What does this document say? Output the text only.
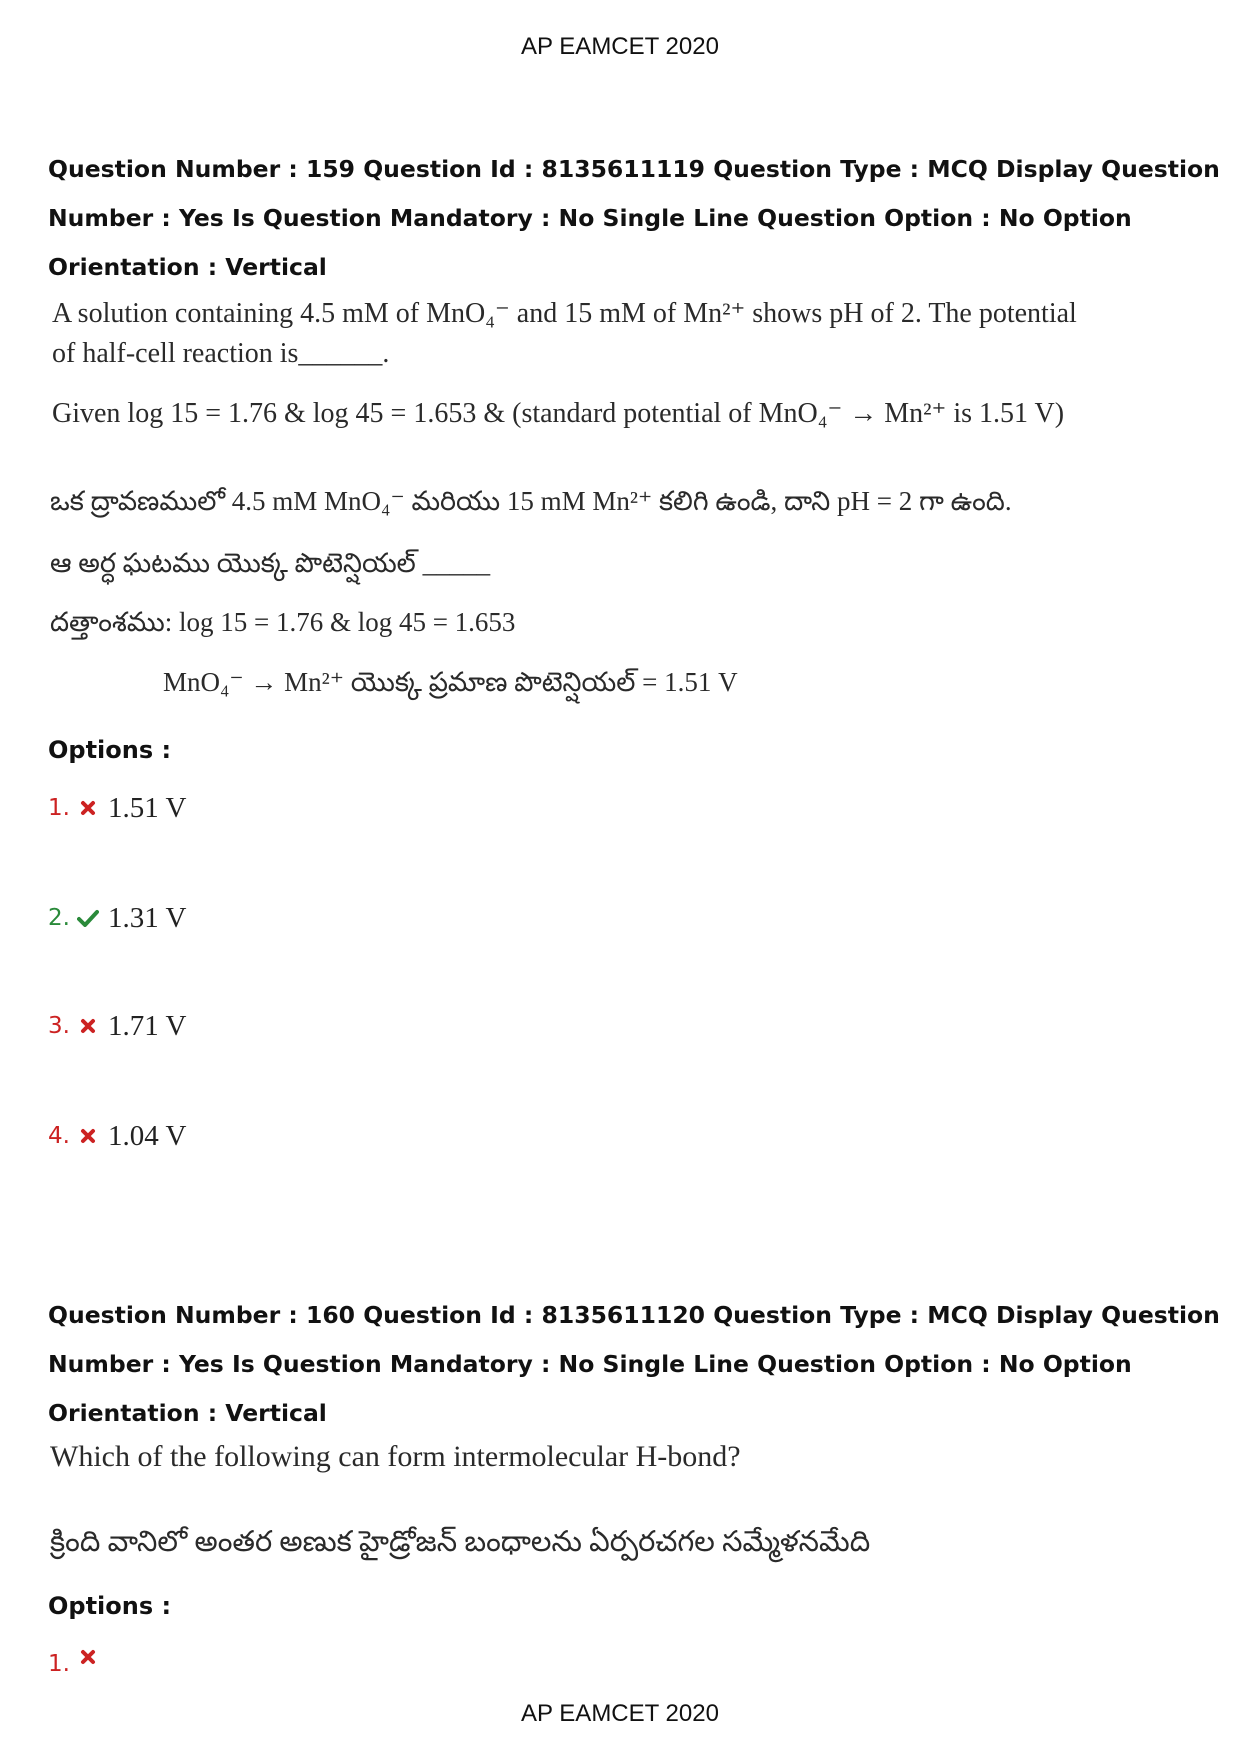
AP EAMCET 2020
Question Number : 159 Question Id : 8135611119 Question Type : MCQ Display Question
Number : Yes Is Question Mandatory : No Single Line Question Option : No Option
Orientation : Vertical
A solution containing 4.5 mM of MnO₄⁻ and 15 mM of Mn²⁺ shows pH of 2. The potential
of half-cell reaction is______.
Given log 15 = 1.76 & log 45 = 1.653 & (standard potential of MnO₄⁻ → Mn²⁺ is 1.51 V)
ఒక ద్రావణములో 4.5 mM MnO₄⁻ మరియు 15 mM Mn²⁺ కలిగి ఉండి, దాని pH = 2 గా ఉంది.
ఆ అర్ధ ఘటము యొక్క పొటెన్షియల్ _____
దత్తాంశము: log 15 = 1.76 & log 45 = 1.653
MnO₄⁻ → Mn²⁺ యొక్క ప్రమాణ పొటెన్షియల్ = 1.51 V
Options :
1. 1.51 V
2. 1.31 V
3. 1.71 V
4. 1.04 V
Question Number : 160 Question Id : 8135611120 Question Type : MCQ Display Question
Number : Yes Is Question Mandatory : No Single Line Question Option : No Option
Orientation : Vertical
Which of the following can form intermolecular H-bond?
క్రింది వానిలో అంతర అణుక హైడ్రోజన్ బంధాలను ఏర్పరచగల సమ్మేళనమేది
Options :
1.
AP EAMCET 2020
